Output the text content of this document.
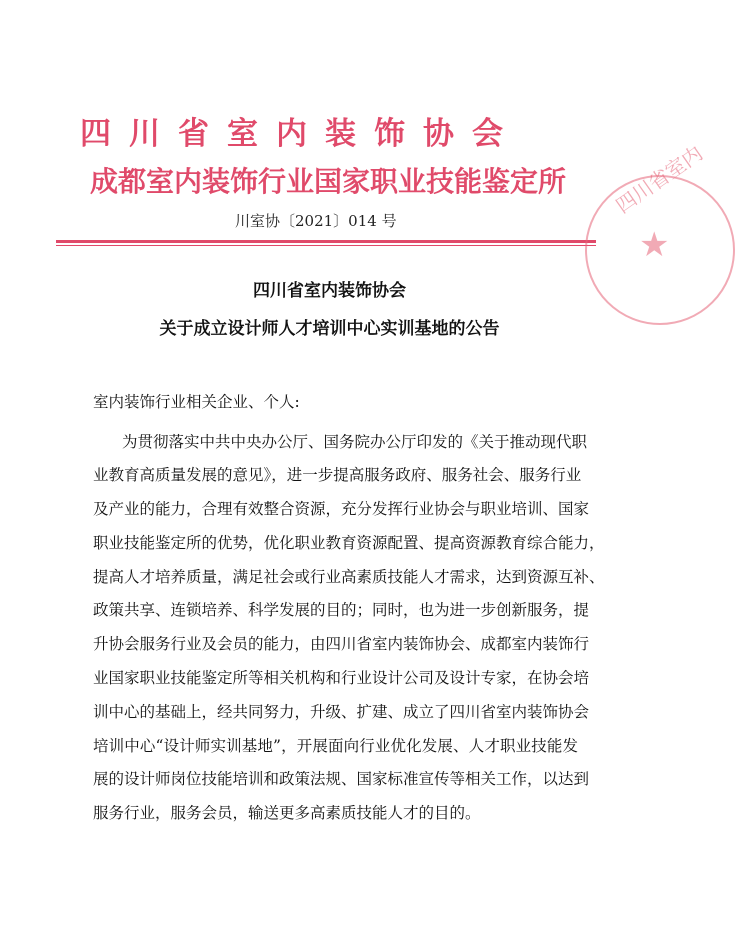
四川省室内装饰协会
成都室内装饰行业国家职业技能鉴定所
川室协〔2021〕014 号
四川省室内
★
四川省室内装饰协会
关于成立设计师人才培训中心实训基地的公告
室内装饰行业相关企业、个人:
为贯彻落实中共中央办公厅、国务院办公厅印发的《关于推动现代职
业教育高质量发展的意见》，进一步提高服务政府、服务社会、服务行业
及产业的能力，合理有效整合资源，充分发挥行业协会与职业培训、国家
职业技能鉴定所的优势，优化职业教育资源配置、提高资源教育综合能力，
提高人才培养质量，满足社会或行业高素质技能人才需求，达到资源互补、
政策共享、连锁培养、科学发展的目的；同时，也为进一步创新服务，提
升协会服务行业及会员的能力，由四川省室内装饰协会、成都室内装饰行
业国家职业技能鉴定所等相关机构和行业设计公司及设计专家，在协会培
训中心的基础上，经共同努力，升级、扩建、成立了四川省室内装饰协会
培训中心“设计师实训基地”，开展面向行业优化发展、人才职业技能发
展的设计师岗位技能培训和政策法规、国家标准宣传等相关工作，以达到
服务行业，服务会员，输送更多高素质技能人才的目的。
